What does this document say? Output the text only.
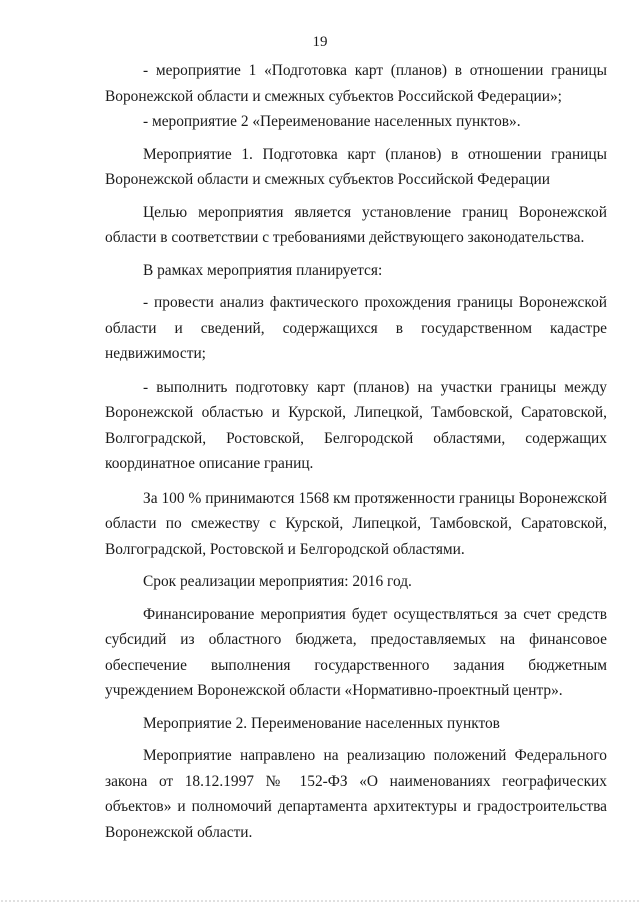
19

- мероприятие 1 «Подготовка карт (планов) в отношении границы Воронежской области и смежных субъектов Российской Федерации»;

- мероприятие 2 «Переименование населенных пунктов».

Мероприятие 1. Подготовка карт (планов) в отношении границы Воронежской области и смежных субъектов Российской Федерации

Целью мероприятия является установление границ Воронежской области в соответствии с требованиями действующего законодательства.

В рамках мероприятия планируется:

- провести анализ фактического прохождения границы Воронежской области и сведений, содержащихся в государственном кадастре недвижимости;

- выполнить подготовку карт (планов) на участки границы между Воронежской областью и Курской, Липецкой, Тамбовской, Саратовской, Волгоградской, Ростовской, Белгородской областями, содержащих координатное описание границ.

За 100 % принимаются 1568 км протяженности границы Воронежской области по смежеству с Курской, Липецкой, Тамбовской, Саратовской, Волгоградской, Ростовской и Белгородской областями.

Срок реализации мероприятия: 2016 год.

Финансирование мероприятия будет осуществляться за счет средств субсидий из областного бюджета, предоставляемых на финансовое обеспечение выполнения государственного задания бюджетным учреждением Воронежской области «Нормативно-проектный центр».

Мероприятие 2. Переименование населенных пунктов

Мероприятие направлено на реализацию положений Федерального закона от 18.12.1997 № 152-ФЗ «О наименованиях географических объектов» и полномочий департамента архитектуры и градостроительства Воронежской области.
